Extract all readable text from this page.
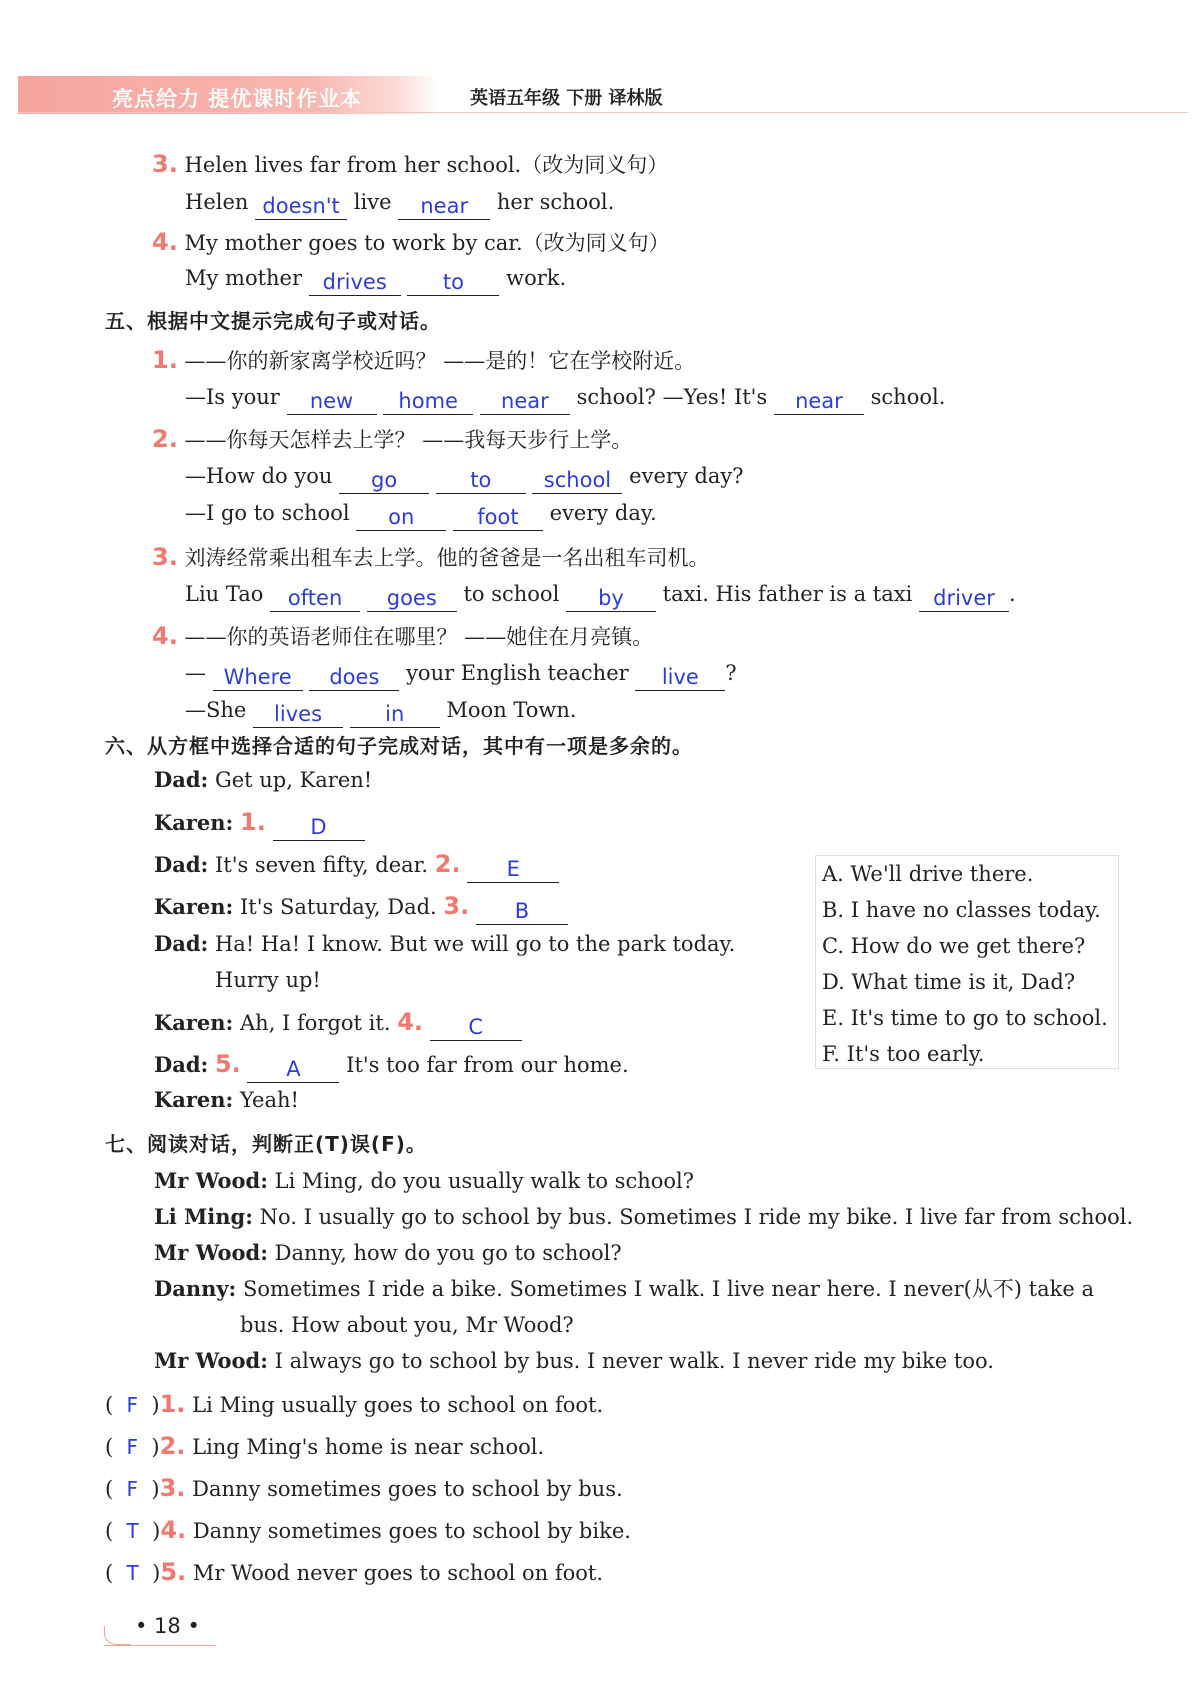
亮点给力 提优课时作业本	英语五年级 下册 译林版
3. Helen lives far from her school.（改为同义句）
Helen doesn't live near her school.
4. My mother goes to work by car.（改为同义句）
My mother drives	to work.
五、根据中文提示完成句子或对话。
1. ——你的新家离学校近吗？ ——是的！它在学校附近。
—Is your new home near school? —Yes! It's near school.
2. ——你每天怎样去上学？ ——我每天步行上学。
—How do you go	to school every day?
—I go to school on	foot every day.
3. 刘涛经常乘出租车去上学。他的爸爸是一名出租车司机。
Liu Tao often goes to school by taxi. His father is a taxi driver .
4. ——你的英语老师住在哪里？ ——她住在月亮镇。
— Where does your English teacher live ?
—She lives	in Moon Town.
六、从方框中选择合适的句子完成对话，其中有一项是多余的。
Dad: Get up, Karen!
Karen: 1. D
Dad: It's seven fifty, dear. 2. E
Karen: It's Saturday, Dad. 3. B
Dad: Ha! Ha! I know. But we will go to the park today.
Hurry up!
Karen: Ah, I forgot it. 4. C
Dad: 5. A It's too far from our home.
Karen: Yeah!
A. We'll drive there.
B. I have no classes today.
C. How do we get there?
D. What time is it, Dad?
E. It's time to go to school.
F. It's too early.
七、阅读对话，判断正(T)误(F)。
Mr Wood: Li Ming, do you usually walk to school?
Li Ming: No. I usually go to school by bus. Sometimes I ride my bike. I live far from school.
Mr Wood: Danny, how do you go to school?
Danny: Sometimes I ride a bike. Sometimes I walk. I live near here. I never(从不) take a
bus. How about you, Mr Wood?
Mr Wood: I always go to school by bus. I never walk. I never ride my bike too.
(  F  )1. Li Ming usually goes to school on foot.
(  F  )2. Ling Ming's home is near school.
(  F  )3. Danny sometimes goes to school by bus.
(  T  )4. Danny sometimes goes to school by bike.
(  T  )5. Mr Wood never goes to school on foot.
• 18 •
